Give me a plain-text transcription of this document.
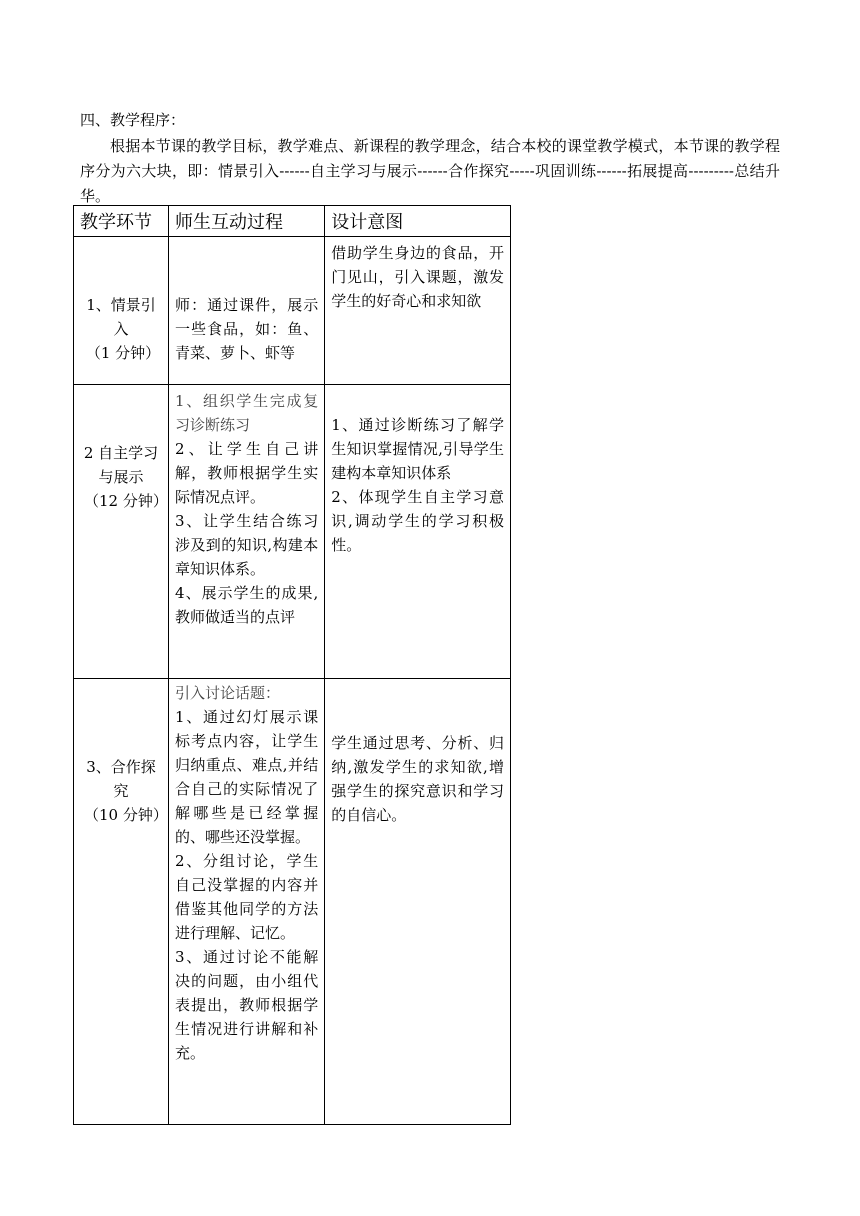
四、教学程序：

根据本节课的教学目标，教学难点、新课程的教学理念，结合本校的课堂教学模式，本节课的教学程序分为六大块，即：情景引入------自主学习与展示------合作探究-----巩固训练------拓展提高---------总结升华。

教学环节	师生互动过程	设计意图

1、情景引入
（1 分钟）	师：通过课件，展示一些食品，如：鱼、青菜、萝卜、虾等	借助学生身边的食品，开门见山，引入课题，激发学生的好奇心和求知欲

2 自主学习与展示
（12 分钟）	1、组织学生完成复习诊断练习
2、让学生自己讲解，教师根据学生实际情况点评。
3、让学生结合练习涉及到的知识,构建本章知识体系。
4、展示学生的成果,教师做适当的点评	1、通过诊断练习了解学生知识掌握情况,引导学生建构本章知识体系
2、体现学生自主学习意识,调动学生的学习积极性。

3、合作探究
（10 分钟）	引入讨论话题：
1、通过幻灯展示课标考点内容，让学生归纳重点、难点,并结合自己的实际情况了解哪些是已经掌握的、哪些还没掌握。
2、分组讨论，学生自己没掌握的内容并借鉴其他同学的方法进行理解、记忆。
3、通过讨论不能解决的问题，由小组代表提出，教师根据学生情况进行讲解和补充。	学生通过思考、分析、归纳,激发学生的求知欲,增强学生的探究意识和学习的自信心。
